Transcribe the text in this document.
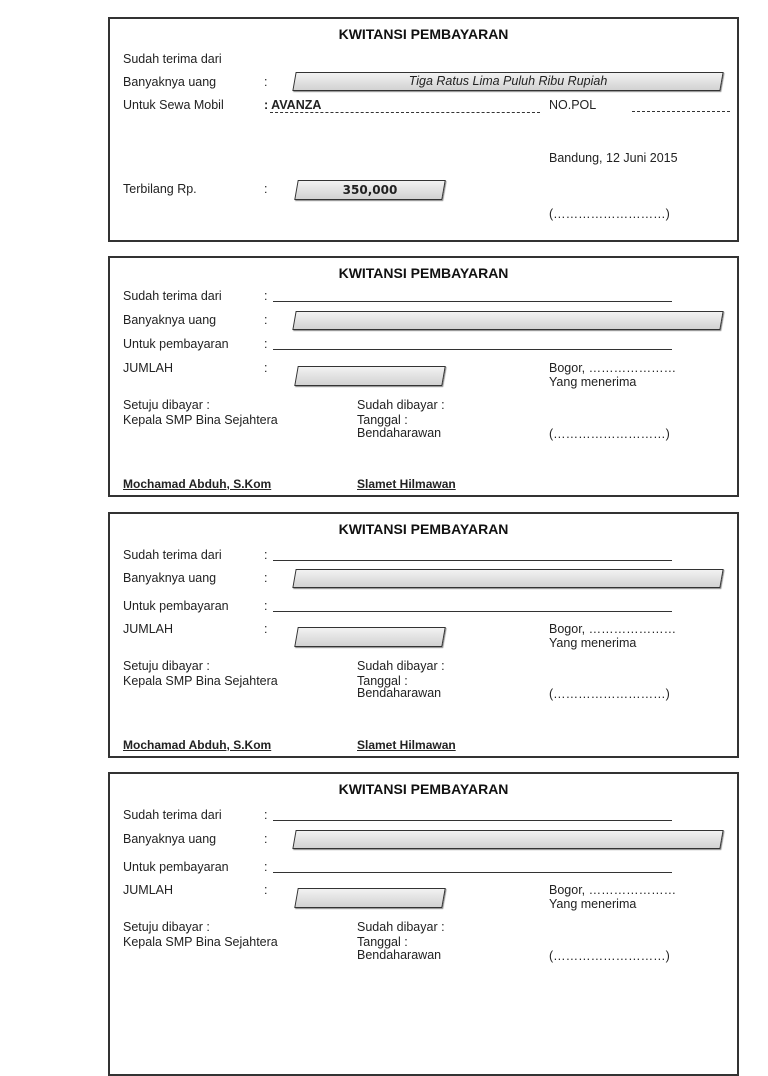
KWITANSI PEMBAYARAN
Sudah terima dari
Banyaknya uang	:	Tiga Ratus Lima Puluh Ribu Rupiah
Untuk Sewa Mobil	: AVANZA	NO.POL
Bandung, 12 Juni 2015
Terbilang Rp.	:	350,000
(………………………)
KWITANSI PEMBAYARAN
Sudah terima dari	:
Banyaknya uang	:
Untuk pembayaran	:
JUMLAH	:	Bogor, …………………
Yang menerima
Setuju dibayar :
Kepala SMP Bina Sejahtera
Sudah dibayar :
Tanggal :
Bendaharawan	(………………………)
Mochamad Abduh, S.Kom	Slamet Hilmawan
KWITANSI PEMBAYARAN
Sudah terima dari	:
Banyaknya uang	:
Untuk pembayaran	:
JUMLAH	:	Bogor, …………………
Yang menerima
Setuju dibayar :
Kepala SMP Bina Sejahtera
Sudah dibayar :
Tanggal :
Bendaharawan	(………………………)
Mochamad Abduh, S.Kom	Slamet Hilmawan
KWITANSI PEMBAYARAN
Sudah terima dari	:
Banyaknya uang	:
Untuk pembayaran	:
JUMLAH	:	Bogor, …………………
Yang menerima
Setuju dibayar :
Kepala SMP Bina Sejahtera
Sudah dibayar :
Tanggal :
Bendaharawan	(………………………)
